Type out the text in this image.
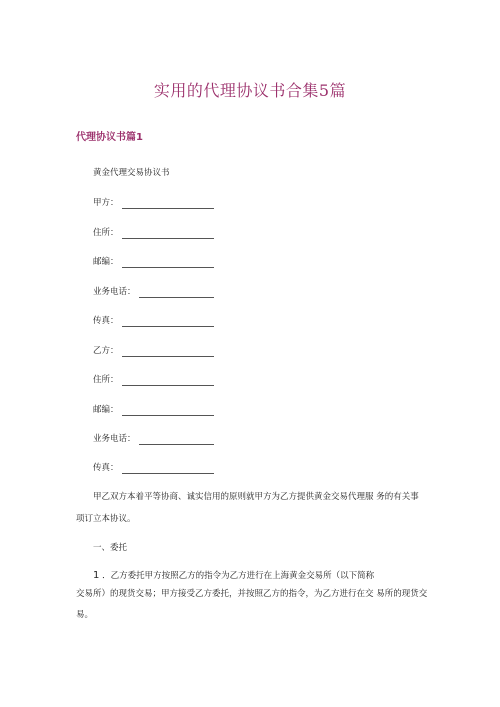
实用的代理协议书合集5篇
代理协议书篇1
黄金代理交易协议书
甲方：
住所：
邮编：
业务电话：
传真：
乙方：
住所：
邮编：
业务电话：
传真：
甲乙双方本着平等协商、诚实信用的原则就甲方为乙方提供黄金交易代理服 务的有关事
项订立本协议。
一、委托
1 ．乙方委托甲方按照乙方的指令为乙方进行在上海黄金交易所（以下简称
交易所）的现货交易；甲方接受乙方委托，并按照乙方的指令，为乙方进行在交 易所的现货交
易。
